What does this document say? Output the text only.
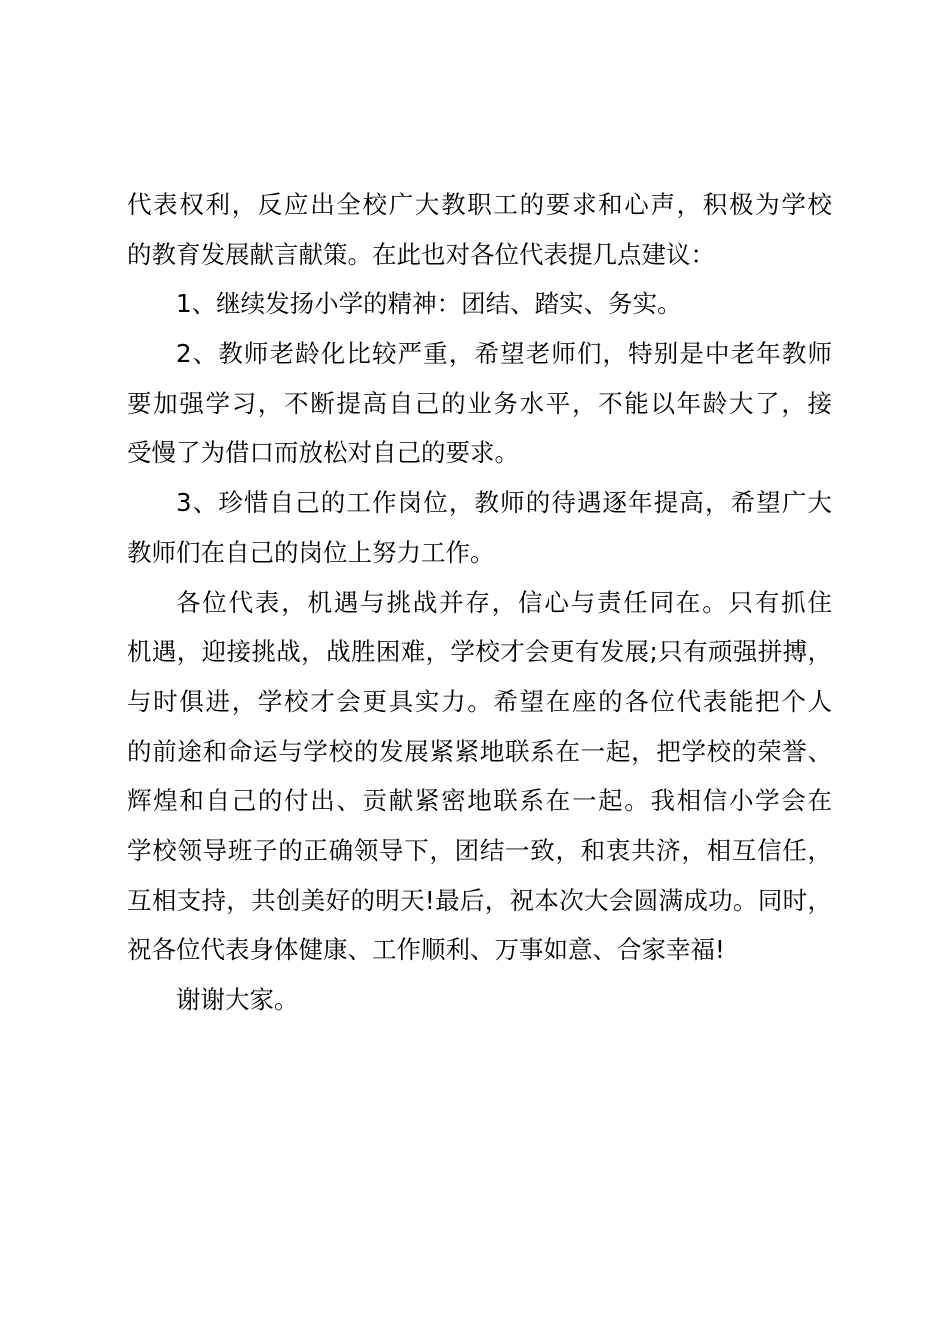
代表权利，反应出全校广大教职工的要求和心声，积极为学校
的教育发展献言献策。在此也对各位代表提几点建议：
1、继续发扬小学的精神：团结、踏实、务实。
2、教师老龄化比较严重，希望老师们，特别是中老年教师
要加强学习，不断提高自己的业务水平，不能以年龄大了，接
受慢了为借口而放松对自己的要求。
3、珍惜自己的工作岗位，教师的待遇逐年提高，希望广大
教师们在自己的岗位上努力工作。
各位代表，机遇与挑战并存，信心与责任同在。只有抓住
机遇，迎接挑战，战胜困难，学校才会更有发展;只有顽强拼搏，
与时俱进，学校才会更具实力。希望在座的各位代表能把个人
的前途和命运与学校的发展紧紧地联系在一起，把学校的荣誉、
辉煌和自己的付出、贡献紧密地联系在一起。我相信小学会在
学校领导班子的正确领导下，团结一致，和衷共济，相互信任，
互相支持，共创美好的明天!最后，祝本次大会圆满成功。同时，
祝各位代表身体健康、工作顺利、万事如意、合家幸福!
谢谢大家。
